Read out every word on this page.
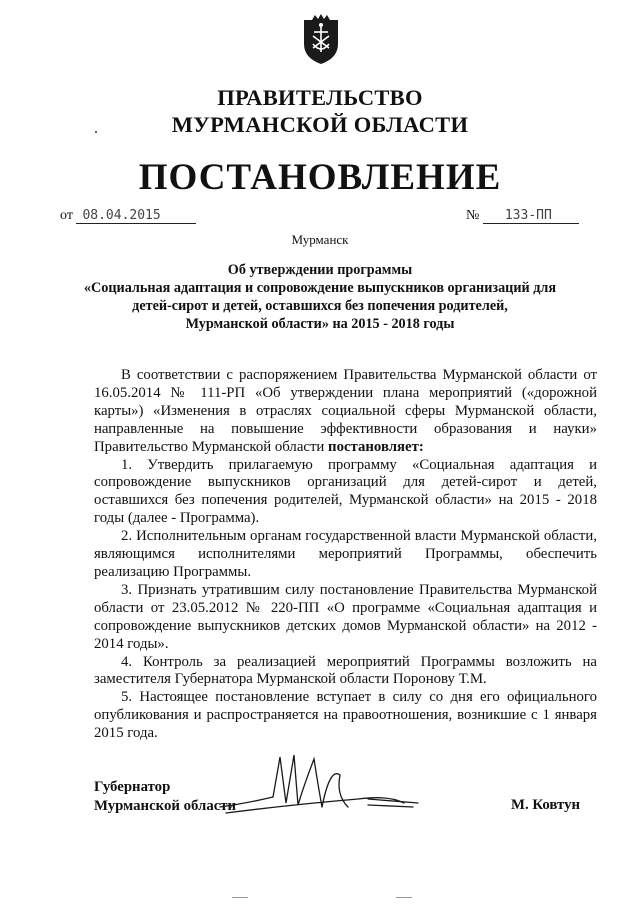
ПРАВИТЕЛЬСТВО
МУРМАНСКОЙ ОБЛАСТИ
ПОСТАНОВЛЕНИЕ
от 08.04.2015	№ 133-ПП
Мурманск
Об утверждении программы
«Социальная адаптация и сопровождение выпускников организаций для
детей-сирот и детей, оставшихся без попечения родителей,
Мурманской области» на 2015 - 2018 годы

В соответствии с распоряжением Правительства Мурманской области от 16.05.2014 № 111-РП «Об утверждении плана мероприятий («дорожной карты») «Изменения в отраслях социальной сферы Мурманской области, направленные на повышение эффективности образования и науки» Правительство Мурманской области постановляет:

1. Утвердить прилагаемую программу «Социальная адаптация и сопровождение выпускников организаций для детей-сирот и детей, оставшихся без попечения родителей, Мурманской области» на 2015 - 2018 годы (далее - Программа).

2. Исполнительным органам государственной власти Мурманской области, являющимся исполнителями мероприятий Программы, обеспечить реализацию Программы.

3. Признать утратившим силу постановление Правительства Мурманской области от 23.05.2012 № 220-ПП «О программе «Социальная адаптация и сопровождение выпускников детских домов Мурманской области» на 2012 - 2014 годы».

4. Контроль за реализацией мероприятий Программы возложить на заместителя Губернатора Мурманской области Поронову Т.М.

5. Настоящее постановление вступает в силу со дня его официального опубликования и распространяется на правоотношения, возникшие с 1 января 2015 года.

Губернатор
Мурманской области	М. Ковтун
